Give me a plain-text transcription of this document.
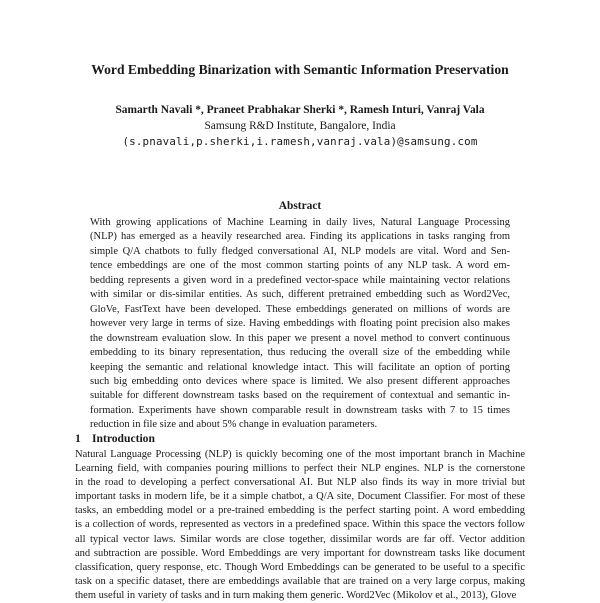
Word Embedding Binarization with Semantic Information Preservation
Samarth Navali *, Praneet Prabhakar Sherki *, Ramesh Inturi, Vanraj Vala
Samsung R&D Institute, Bangalore, India
(s.pnavali,p.sherki,i.ramesh,vanraj.vala)@samsung.com
Abstract
With growing applications of Machine Learning in daily lives, Natural Language Processing
(NLP) has emerged as a heavily researched area. Finding its applications in tasks ranging from
simple Q/A chatbots to fully fledged conversational AI, NLP models are vital. Word and Sen-
tence embeddings are one of the most common starting points of any NLP task. A word em-
bedding represents a given word in a predefined vector-space while maintaining vector relations
with similar or dis-similar entities. As such, different pretrained embedding such as Word2Vec,
GloVe, FastText have been developed. These embeddings generated on millions of words are
however very large in terms of size. Having embeddings with floating point precision also makes
the downstream evaluation slow. In this paper we present a novel method to convert continuous
embedding to its binary representation, thus reducing the overall size of the embedding while
keeping the semantic and relational knowledge intact. This will facilitate an option of porting
such big embedding onto devices where space is limited. We also present different approaches
suitable for different downstream tasks based on the requirement of contextual and semantic in-
formation. Experiments have shown comparable result in downstream tasks with 7 to 15 times
reduction in file size and about 5% change in evaluation parameters.
1 Introduction
Natural Language Processing (NLP) is quickly becoming one of the most important branch in Machine
Learning field, with companies pouring millions to perfect their NLP engines. NLP is the cornerstone
in the road to developing a perfect conversational AI. But NLP also finds its way in more trivial but
important tasks in modern life, be it a simple chatbot, a Q/A site, Document Classifier. For most of these
tasks, an embedding model or a pre-trained embedding is the perfect starting point. A word embedding
is a collection of words, represented as vectors in a predefined space. Within this space the vectors follow
all typical vector laws. Similar words are close together, dissimilar words are far off. Vector addition
and subtraction are possible. Word Embeddings are very important for downstream tasks like document
classification, query response, etc. Though Word Embeddings can be generated to be useful to a specific
task on a specific dataset, there are embeddings available that are trained on a very large corpus, making
them useful in variety of tasks and in turn making them generic. Word2Vec (Mikolov et al., 2013), Glove
